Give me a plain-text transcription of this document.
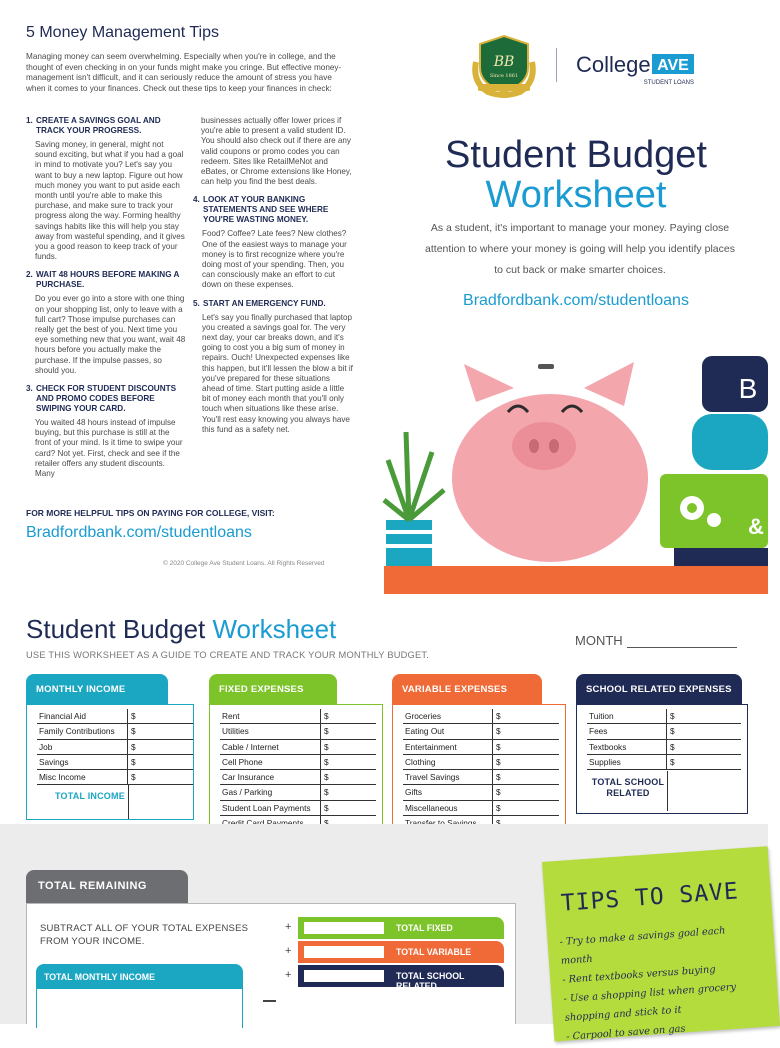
5 Money Management Tips
Managing money can seem overwhelming. Especially when you're in college, and the thought of even checking in on your funds might make you cringe. But effective money-management isn't difficult, and it can seriously reduce the amount of stress you have when it comes to your finances. Check out these tips to keep your finances in check:
1. CREATE A SAVINGS GOAL AND TRACK YOUR PROGRESS.
Saving money, in general, might not sound exciting, but what if you had a goal in mind to motivate you? Let's say you want to buy a new laptop. Figure out how much money you want to put aside each month until you're able to make this purchase, and make sure to track your progress along the way. Forming healthy savings habits like this will help you stay away from wasteful spending, and it gives you a good reason to keep track of your funds.
2. WAIT 48 HOURS BEFORE MAKING A PURCHASE.
Do you ever go into a store with one thing on your shopping list, only to leave with a full cart? Those impulse purchases can really get the best of you. Next time you eye something new that you want, wait 48 hours before you actually make the purchase. If the impulse passes, so should you.
3. CHECK FOR STUDENT DISCOUNTS AND PROMO CODES BEFORE SWIPING YOUR CARD.
You waited 48 hours instead of impulse buying, but this purchase is still at the front of your mind. Is it time to swipe your card? Not yet. First, check and see if the retailer offers any student discounts. Many
businesses actually offer lower prices if you're able to present a valid student ID. You should also check out if there are any valid coupons or promo codes you can redeem. Sites like RetailMeNot and eBates, or Chrome extensions like Honey, can help you find the best deals.
4. LOOK AT YOUR BANKING STATEMENTS AND SEE WHERE YOU'RE WASTING MONEY.
Food? Coffee? Late fees? New clothes? One of the easiest ways to manage your money is to first recognize where you're doing most of your spending. Then, you can consciously make an effort to cut down on these expenses.
5. START AN EMERGENCY FUND.
Let's say you finally purchased that laptop you created a savings goal for. The very next day, your car breaks down, and it's going to cost you a big sum of money in repairs. Ouch! Unexpected expenses like this happen, but it'll lessen the blow a bit if you've prepared for these situations ahead of time. Start putting aside a little bit of money each month that you'll only touch when situations like these arise. You'll rest easy knowing you always have this fund as a safety net.
FOR MORE HELPFUL TIPS ON PAYING FOR COLLEGE, VISIT:
Bradfordbank.com/studentloans
© 2020 College Ave Student Loans. All Rights Reserved
BB
Since 1861	College AVE
STUDENT LOANS
Student Budget
Worksheet
As a student, it's important to manage your money. Paying close attention to where your money is going will help you identify places to cut back or make smarter choices.
Bradfordbank.com/studentloans
B
&
Student Budget Worksheet	MONTH
USE THIS WORKSHEET AS A GUIDE TO CREATE AND TRACK YOUR MONTHLY BUDGET.
MONTHLY INCOME
Financial Aid	$
Family Contributions	$
Job	$
Savings	$
Misc Income	$
TOTAL INCOME
FIXED EXPENSES
Rent	$
Utilities	$
Cable / Internet	$
Cell Phone	$
Car Insurance	$
Gas / Parking	$
Student Loan Payments	$
VARIABLE EXPENSES
Groceries	$
Eating Out	$
Entertainment	$
Clothing	$
Travel Savings	$
Gifts	$
Miscellaneous	$
SCHOOL RELATED EXPENSES
Tuition	$
Fees	$
Textbooks	$
Supplies	$
TOTAL SCHOOL
RELATED
TOTAL REMAINING
SUBTRACT ALL OF YOUR TOTAL EXPENSES FROM YOUR INCOME.
TOTAL MONTHLY INCOME
+	TOTAL FIXED
+	TOTAL VARIABLE
+	TOTAL SCHOOL RELATED
TIPS TO SAVE
- Try to make a savings goal each month
- Rent textbooks versus buying
- Use a shopping list when grocery shopping and stick to it
- Carpool to save on gas
